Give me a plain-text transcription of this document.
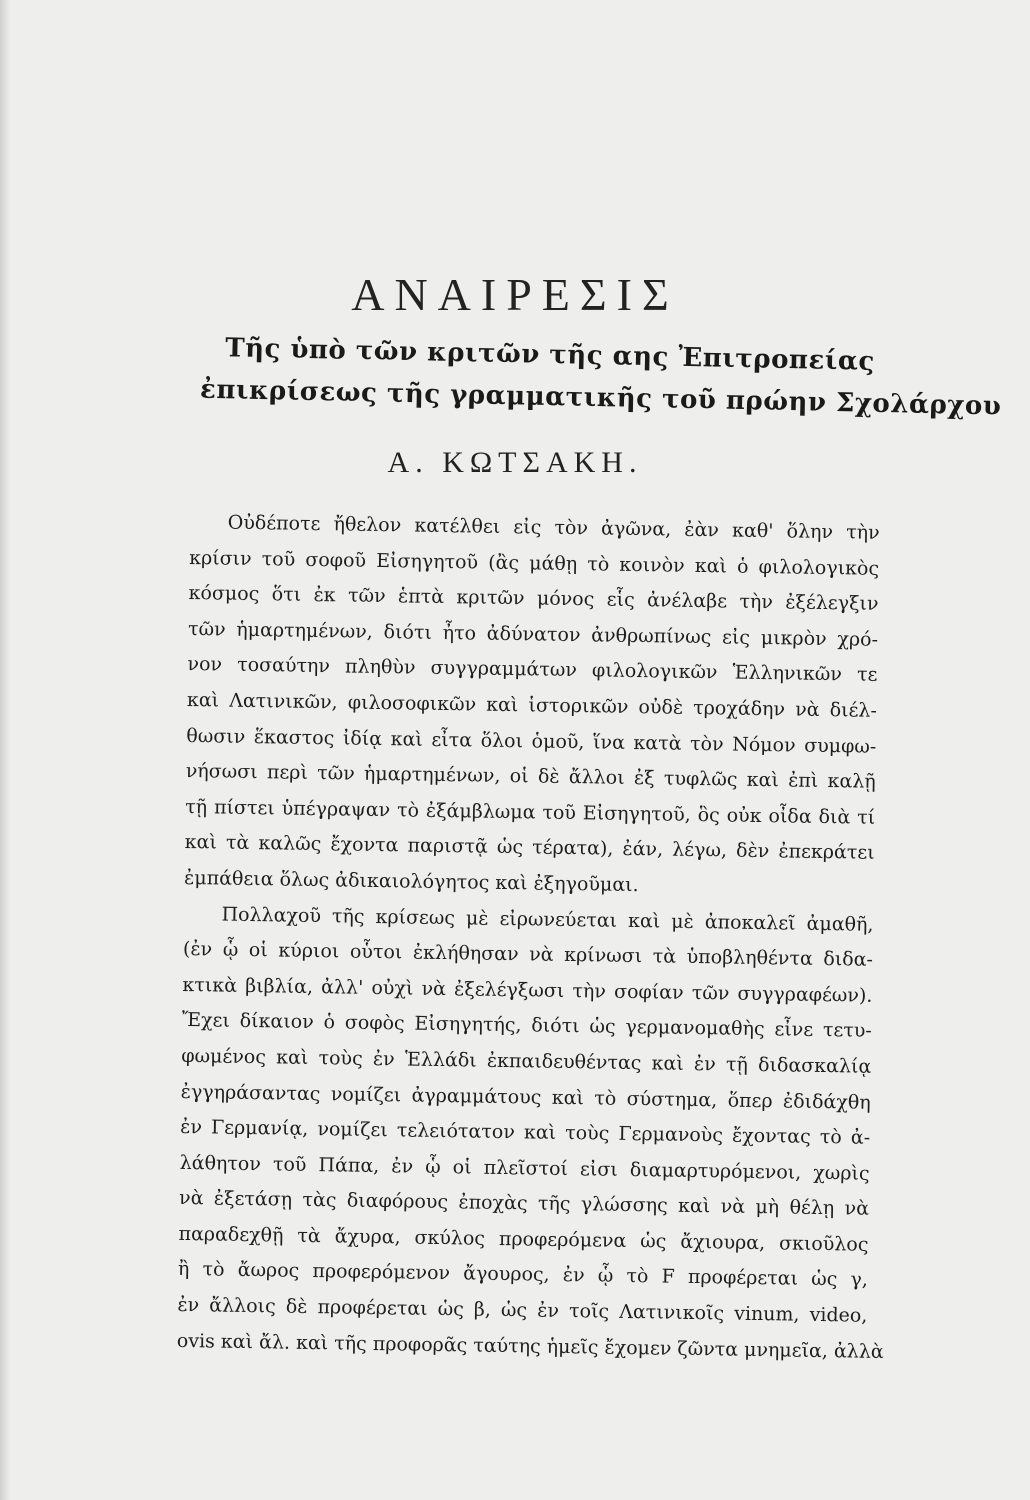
ΑΝΑΙΡΕΣΙΣ
Τῆς ὑπὸ τῶν κριτῶν τῆς αης Ἐπιτροπείας
ἐπικρίσεως τῆς γραμματικῆς τοῦ πρώην Σχολάρχου
Α. ΚΩΤΣΑΚΗ.
Οὐδέποτε ἤθελον κατέλθει εἰς τὸν ἀγῶνα, ἐὰν καθ' ὅλην τὴν
κρίσιν τοῦ σοφοῦ Εἰσηγητοῦ (ἂς μάθῃ τὸ κοινὸν καὶ ὁ φιλολογικὸς
κόσμος ὅτι ἐκ τῶν ἑπτὰ κριτῶν μόνος εἷς ἀνέλαβε τὴν ἐξέλεγξιν
τῶν ἡμαρτημένων, διότι ἦτο ἀδύνατον ἀνθρωπίνως εἰς μικρὸν χρό-
νον τοσαύτην πληθὺν συγγραμμάτων φιλολογικῶν Ἑλληνικῶν τε
καὶ Λατινικῶν, φιλοσοφικῶν καὶ ἱστορικῶν οὐδὲ τροχάδην νὰ διέλ-
θωσιν ἕκαστος ἰδίᾳ καὶ εἶτα ὅλοι ὁμοῦ, ἵνα κατὰ τὸν Νόμον συμφω-
νήσωσι περὶ τῶν ἡμαρτημένων, οἱ δὲ ἄλλοι ἐξ τυφλῶς καὶ ἐπὶ καλῇ
τῇ πίστει ὑπέγραψαν τὸ ἐξάμβλωμα τοῦ Εἰσηγητοῦ, ὃς οὐκ οἶδα διὰ τί
καὶ τὰ καλῶς ἔχοντα παριστᾷ ὡς τέρατα), ἐάν, λέγω, δὲν ἐπεκράτει
ἐμπάθεια ὅλως ἀδικαιολόγητος καὶ ἐξηγοῦμαι.
Πολλαχοῦ τῆς κρίσεως μὲ εἰρωνεύεται καὶ μὲ ἀποκαλεῖ ἀμαθῆ,
(ἐν ᾧ οἱ κύριοι οὗτοι ἐκλήθησαν νὰ κρίνωσι τὰ ὑποβληθέντα διδα-
κτικὰ βιβλία, ἀλλ' οὐχὶ νὰ ἐξελέγξωσι τὴν σοφίαν τῶν συγγραφέων).
Ἔχει δίκαιον ὁ σοφὸς Εἰσηγητής, διότι ὡς γερμανομαθὴς εἶνε τετυ-
φωμένος καὶ τοὺς ἐν Ἑλλάδι ἐκπαιδευθέντας καὶ ἐν τῇ διδασκαλίᾳ
ἐγγηράσαντας νομίζει ἀγραμμάτους καὶ τὸ σύστημα, ὅπερ ἐδιδάχθη
ἐν Γερμανίᾳ, νομίζει τελειότατον καὶ τοὺς Γερμανοὺς ἔχοντας τὸ ἀ-
λάθητον τοῦ Πάπα, ἐν ᾧ οἱ πλεῖστοί εἰσι διαμαρτυρόμενοι, χωρὶς
νὰ ἐξετάσῃ τὰς διαφόρους ἐποχὰς τῆς γλώσσης καὶ νὰ μὴ θέλῃ νὰ
παραδεχθῇ τὰ ἄχυρα, σκύλος προφερόμενα ὡς ἄχιουρα, σκιοῦλος
ἢ τὸ ἄωρος προφερόμενον ἄγουρος, ἐν ᾧ τὸ F προφέρεται ὡς γ,
ἐν ἄλλοις δὲ προφέρεται ὡς β, ὡς ἐν τοῖς Λατινικοῖς vinum, video,
ovis καὶ ἄλ. καὶ τῆς προφορᾶς ταύτης ἡμεῖς ἔχομεν ζῶντα μνημεῖα, ἀλλὰ
